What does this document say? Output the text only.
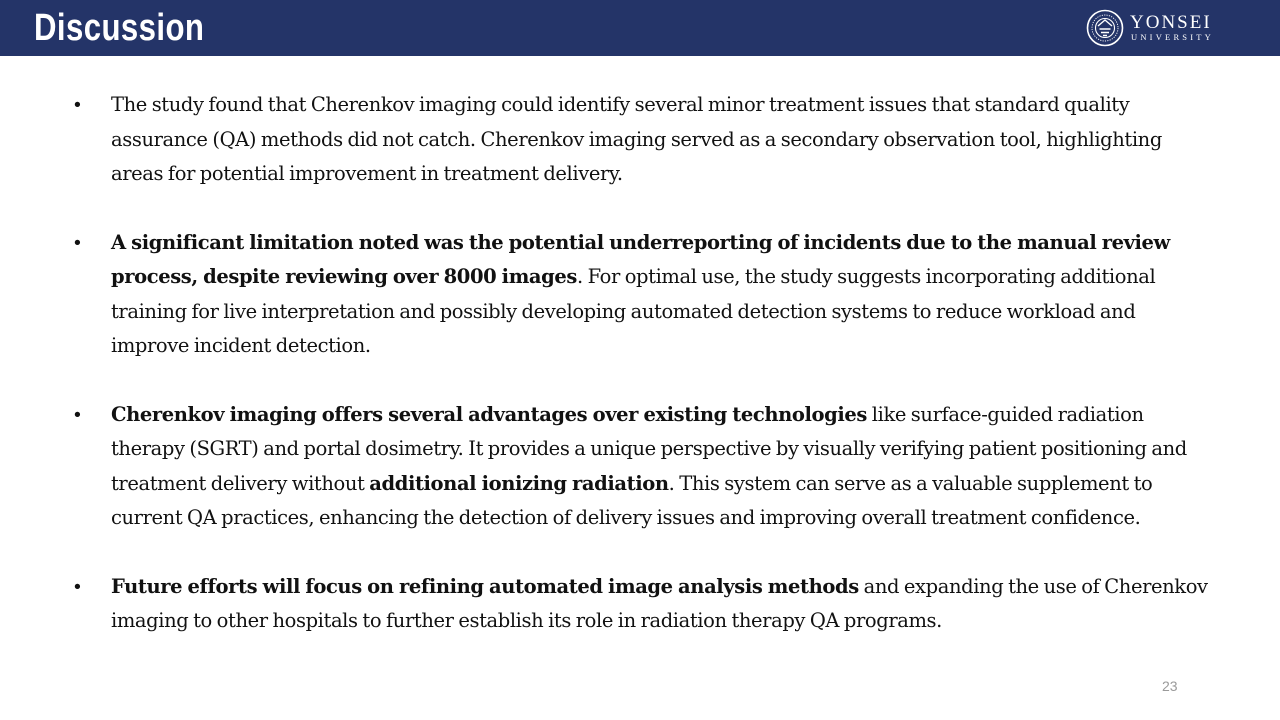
Discussion	YONSEI
UNIVERSITY
• The study found that Cherenkov imaging could identify several minor treatment issues that standard quality assurance (QA) methods did not catch. Cherenkov imaging served as a secondary observation tool, highlighting areas for potential improvement in treatment delivery.
• A significant limitation noted was the potential underreporting of incidents due to the manual review process, despite reviewing over 8000 images. For optimal use, the study suggests incorporating additional training for live interpretation and possibly developing automated detection systems to reduce workload and improve incident detection.
• Cherenkov imaging offers several advantages over existing technologies like surface-guided radiation therapy (SGRT) and portal dosimetry. It provides a unique perspective by visually verifying patient positioning and treatment delivery without additional ionizing radiation. This system can serve as a valuable supplement to current QA practices, enhancing the detection of delivery issues and improving overall treatment confidence.
• Future efforts will focus on refining automated image analysis methods and expanding the use of Cherenkov imaging to other hospitals to further establish its role in radiation therapy QA programs.
23
